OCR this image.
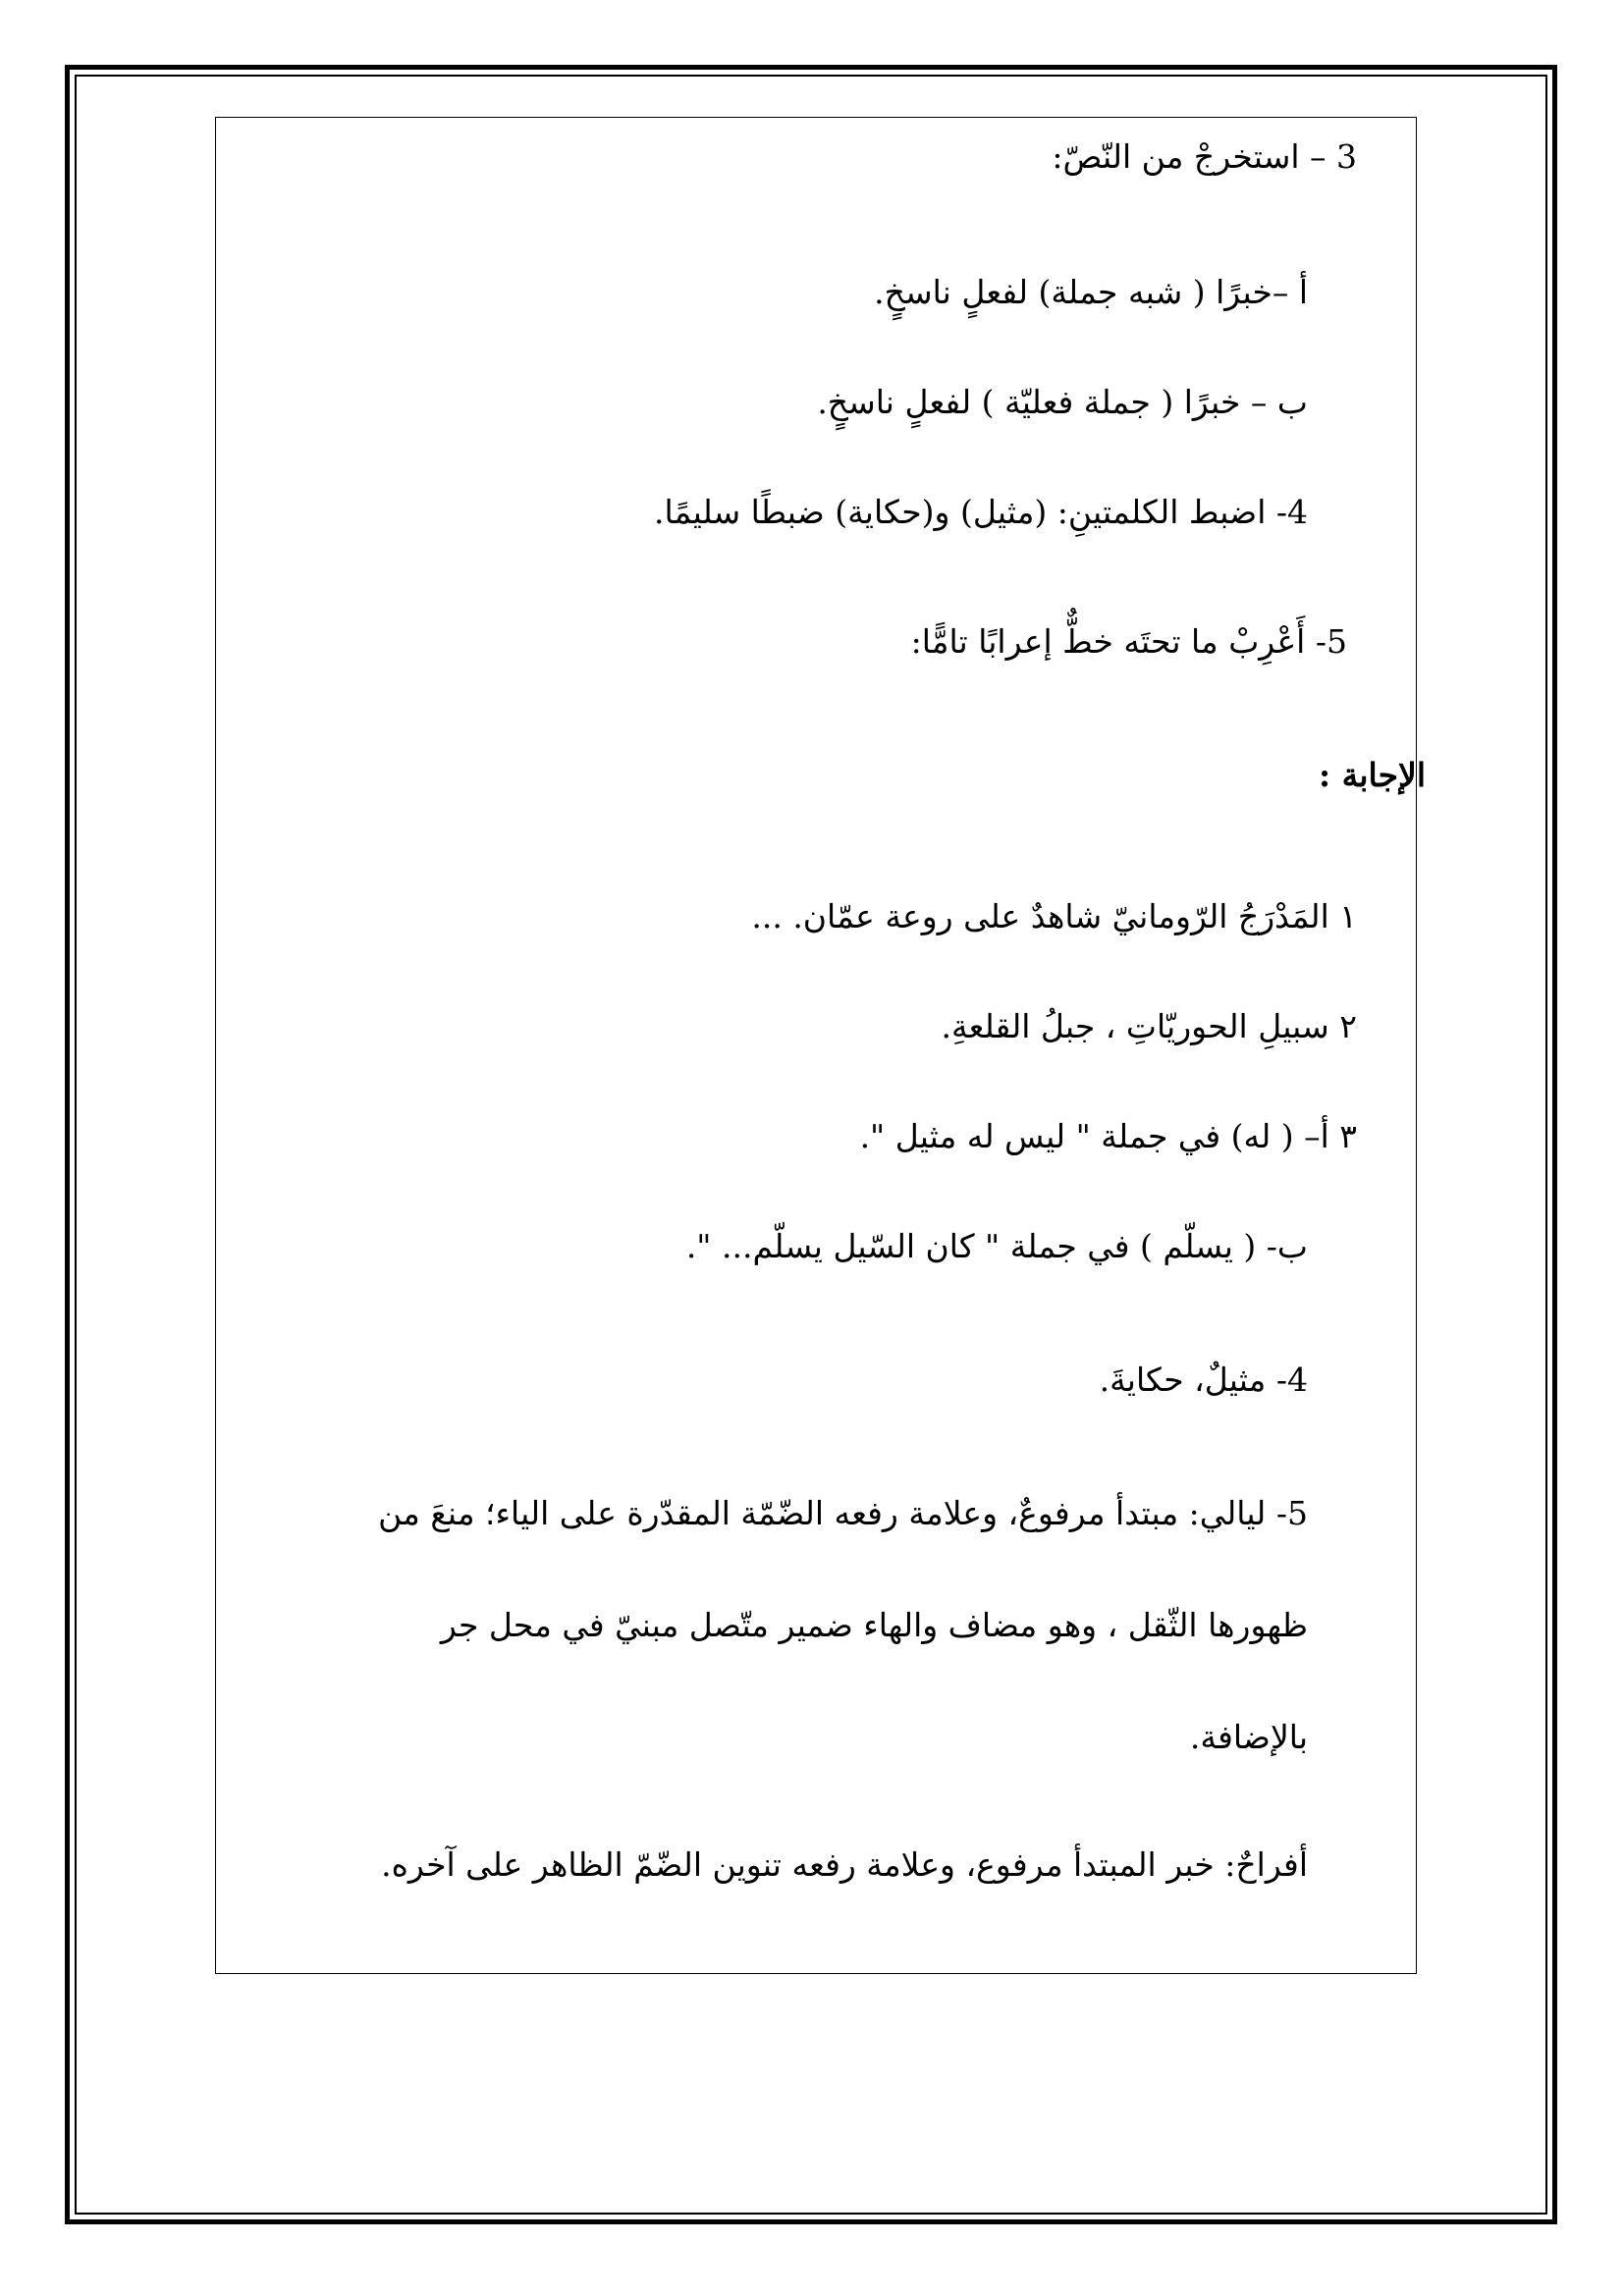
3 – استخرجْ من النّصّ:
أ –خبرًا ( شبه جملة) لفعلٍ ناسخٍ.
ب – خبرًا ( جملة فعليّة ) لفعلٍ ناسخٍ.
4- اضبط الكلمتينِ: (مثيل) و(حكاية) ضبطًا سليمًا.
5- أَعْرِبْ ما تحتَه خطٌّ إعرابًا تامًّا:
الإجابة :
١ المَدْرَجُ الرّومانيّ شاهدٌ على روعة عمّان. ...
٢ سبيلِ الحوريّاتِ ، جبلُ القلعةِ.
٣ أ– ( له) في جملة " ليس له مثيل ".
ب- ( يسلّم ) في جملة " كان السّيل يسلّم... ".
4- مثيلٌ، حكايةَ.
5- ليالي: مبتدأ مرفوعٌ، وعلامة رفعه الضّمّة المقدّرة على الياء؛ منعَ من
ظهورها الثّقل ، وهو مضاف والهاء ضمير متّصل مبنيّ في محل جر
بالإضافة.
أفراحٌ: خبر المبتدأ مرفوع، وعلامة رفعه تنوين الضّمّ الظاهر على آخره.
